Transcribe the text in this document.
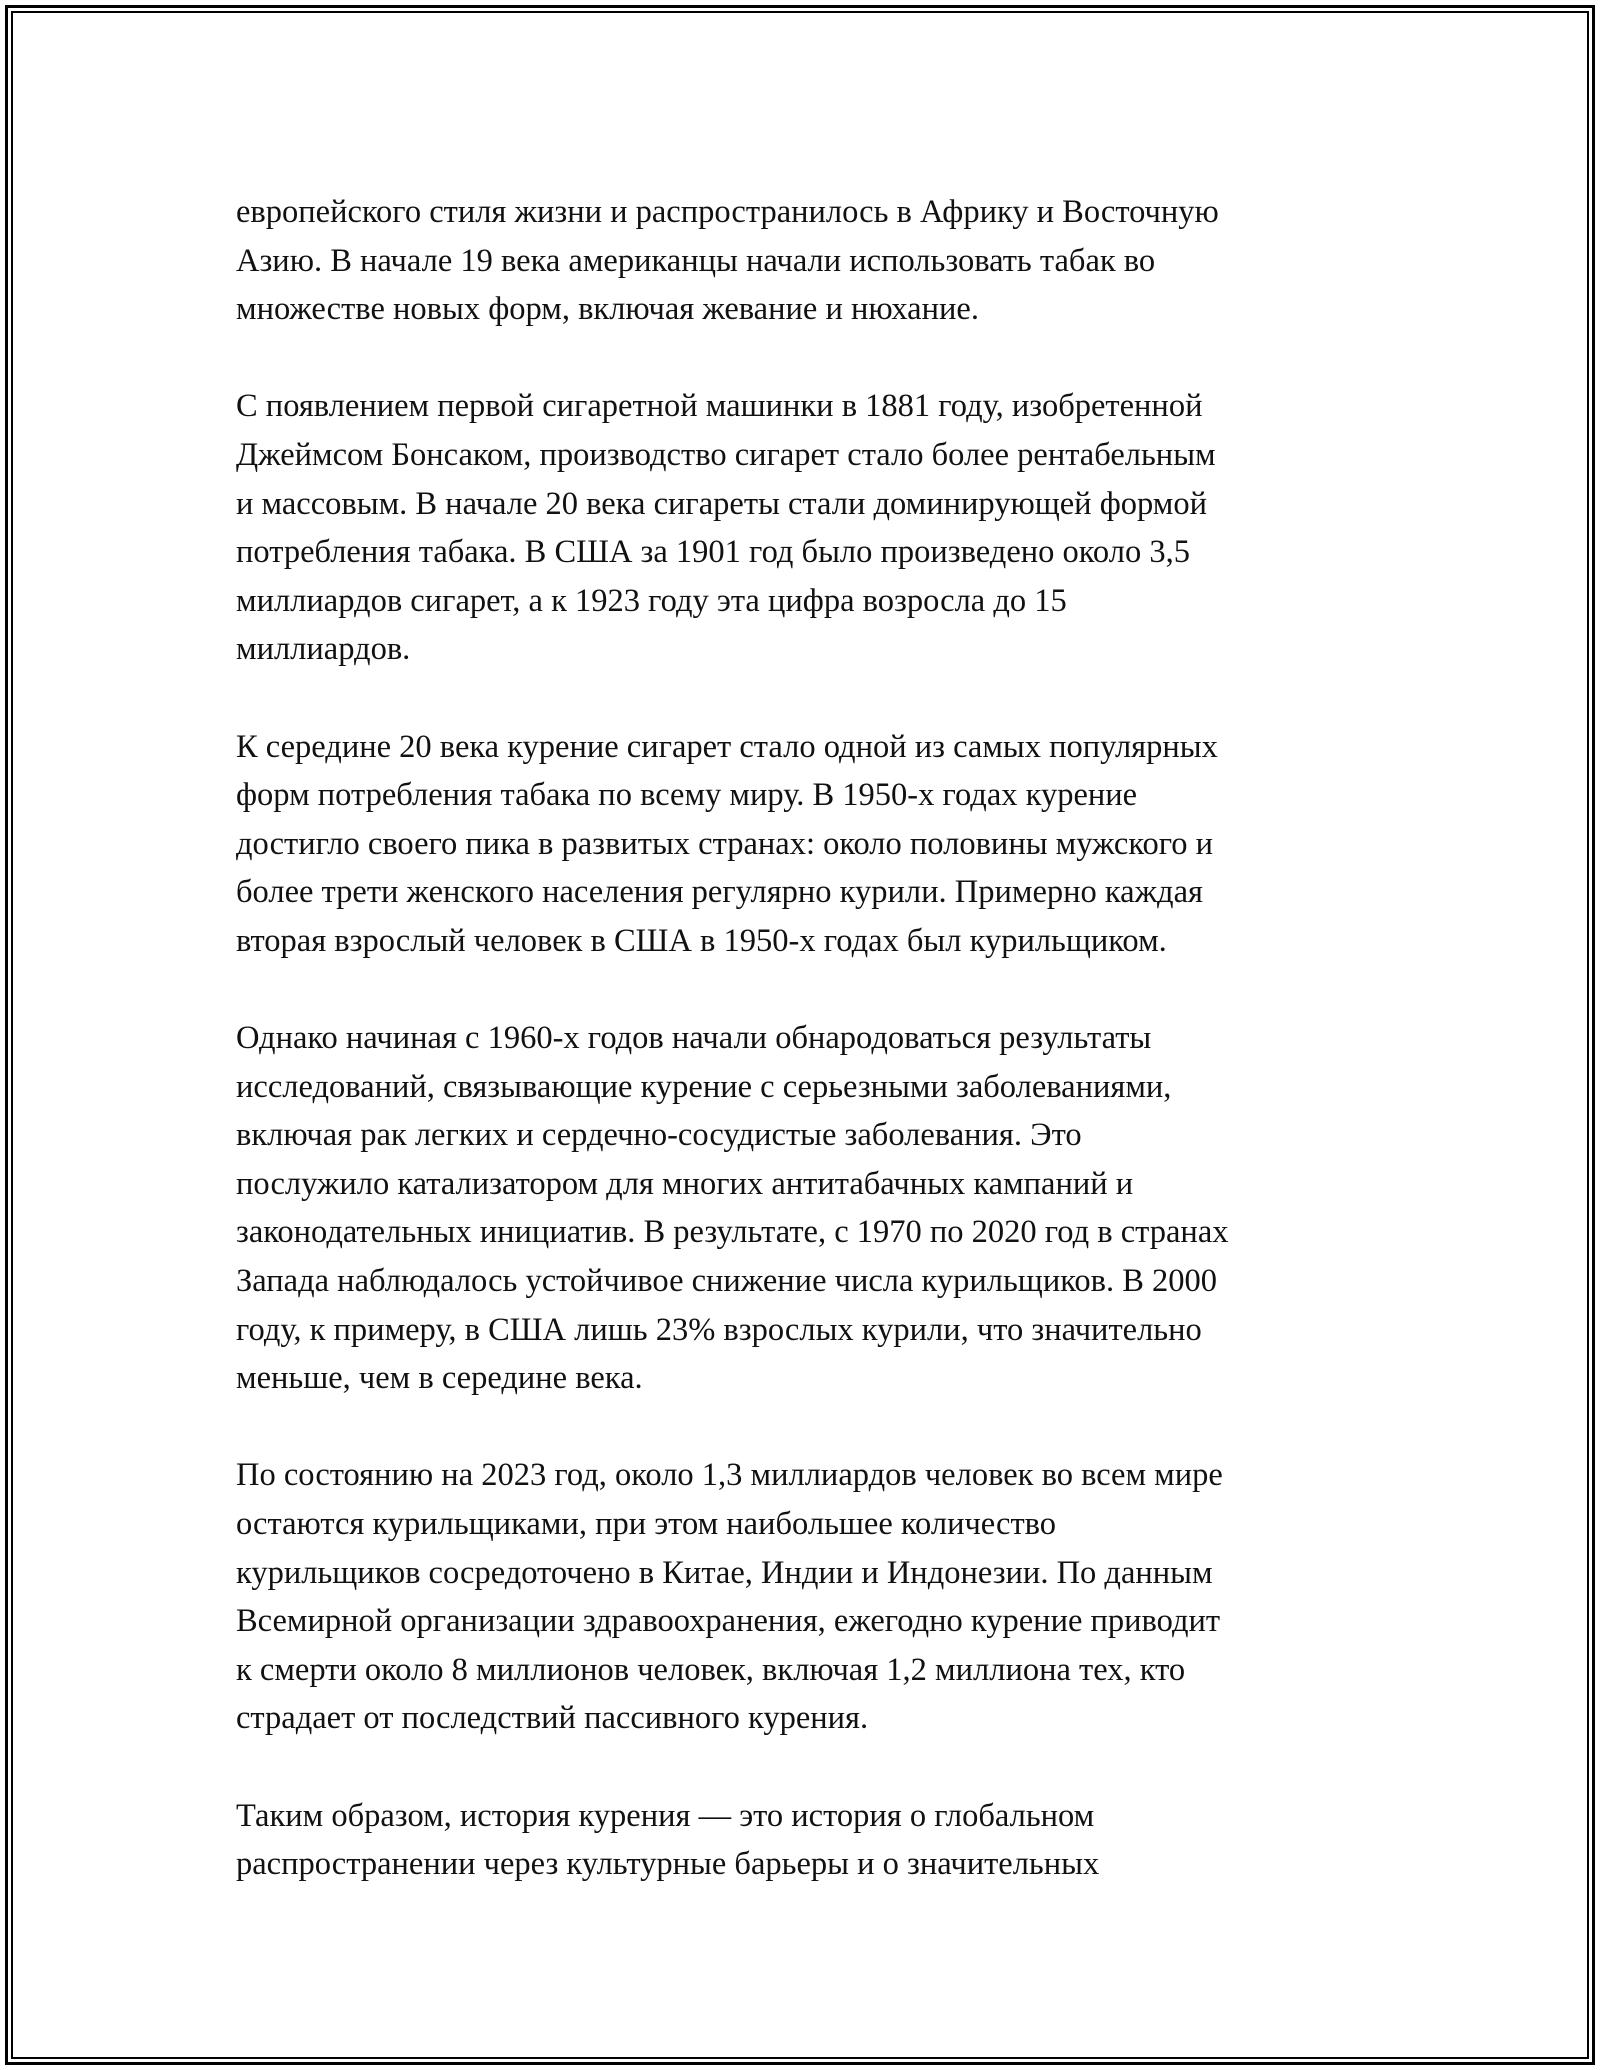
европейского стиля жизни и распространилось в Африку и Восточную
Азию. В начале 19 века американцы начали использовать табак во
множестве новых форм, включая жевание и нюхание.

С появлением первой сигаретной машинки в 1881 году, изобретенной
Джеймсом Бонсаком, производство сигарет стало более рентабельным
и массовым. В начале 20 века сигареты стали доминирующей формой
потребления табака. В США за 1901 год было произведено около 3,5
миллиардов сигарет, а к 1923 году эта цифра возросла до 15
миллиардов.

К середине 20 века курение сигарет стало одной из самых популярных
форм потребления табака по всему миру. В 1950-х годах курение
достигло своего пика в развитых странах: около половины мужского и
более трети женского населения регулярно курили. Примерно каждая
вторая взрослый человек в США в 1950-х годах был курильщиком.

Однако начиная с 1960-х годов начали обнародоваться результаты
исследований, связывающие курение с серьезными заболеваниями,
включая рак легких и сердечно-сосудистые заболевания. Это
послужило катализатором для многих антитабачных кампаний и
законодательных инициатив. В результате, с 1970 по 2020 год в странах
Запада наблюдалось устойчивое снижение числа курильщиков. В 2000
году, к примеру, в США лишь 23% взрослых курили, что значительно
меньше, чем в середине века.

По состоянию на 2023 год, около 1,3 миллиардов человек во всем мире
остаются курильщиками, при этом наибольшее количество
курильщиков сосредоточено в Китае, Индии и Индонезии. По данным
Всемирной организации здравоохранения, ежегодно курение приводит
к смерти около 8 миллионов человек, включая 1,2 миллиона тех, кто
страдает от последствий пассивного курения.

Таким образом, история курения — это история о глобальном
распространении через культурные барьеры и о значительных
